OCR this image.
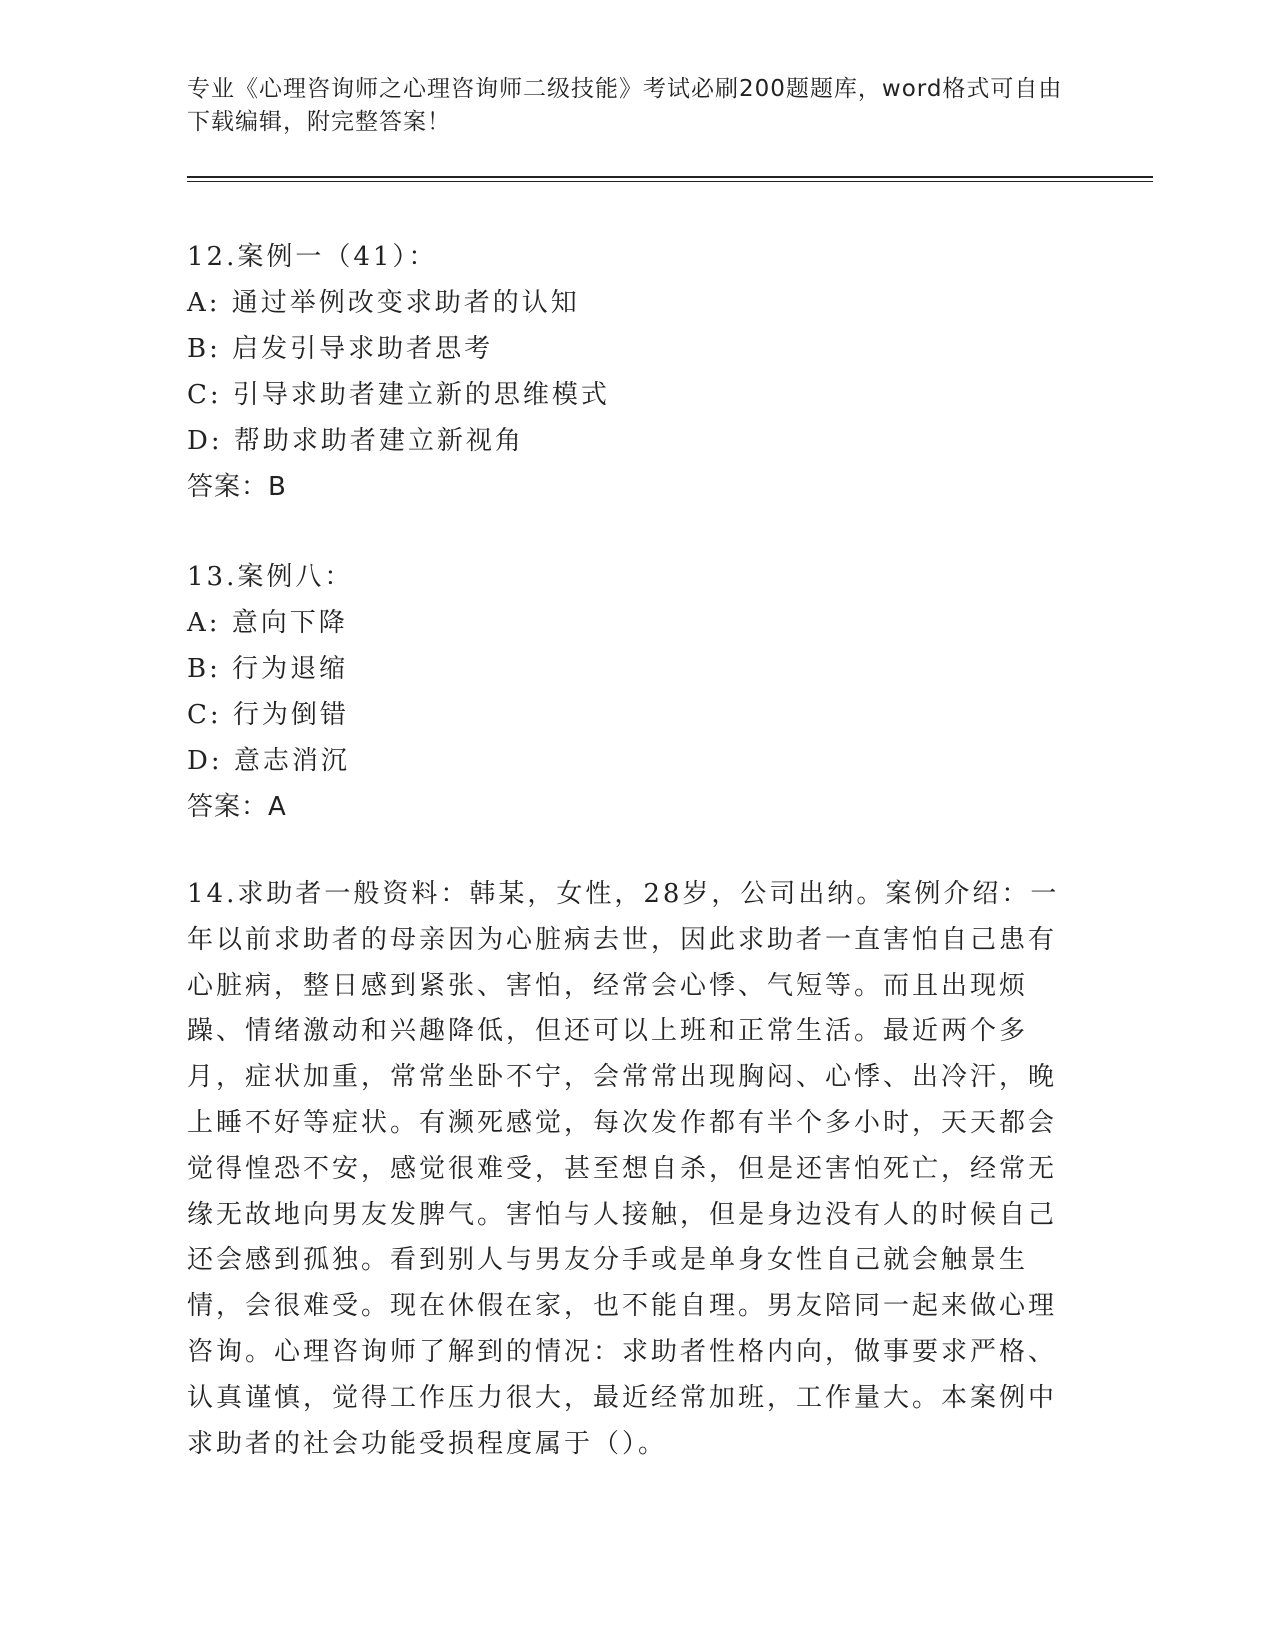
专业《心理咨询师之心理咨询师二级技能》考试必刷200题题库，word格式可自由下载编辑，附完整答案！
12.案例一（41）：
A: 通过举例改变求助者的认知
B: 启发引导求助者思考
C: 引导求助者建立新的思维模式
D: 帮助求助者建立新视角
答案：B
13.案例八：
A: 意向下降
B: 行为退缩
C: 行为倒错
D: 意志消沉
答案：A
14.求助者一般资料：韩某，女性，28岁，公司出纳。案例介绍：一年以前求助者的母亲因为心脏病去世，因此求助者一直害怕自己患有心脏病，整日感到紧张、害怕，经常会心悸、气短等。而且出现烦躁、情绪激动和兴趣降低，但还可以上班和正常生活。最近两个多月，症状加重，常常坐卧不宁，会常常出现胸闷、心悸、出冷汗，晚上睡不好等症状。有濒死感觉，每次发作都有半个多小时，天天都会觉得惶恐不安，感觉很难受，甚至想自杀，但是还害怕死亡，经常无缘无故地向男友发脾气。害怕与人接触，但是身边没有人的时候自己还会感到孤独。看到别人与男友分手或是单身女性自己就会触景生情，会很难受。现在休假在家，也不能自理。男友陪同一起来做心理咨询。心理咨询师了解到的情况：求助者性格内向，做事要求严格、认真谨慎，觉得工作压力很大，最近经常加班，工作量大。本案例中求助者的社会功能受损程度属于（）。
